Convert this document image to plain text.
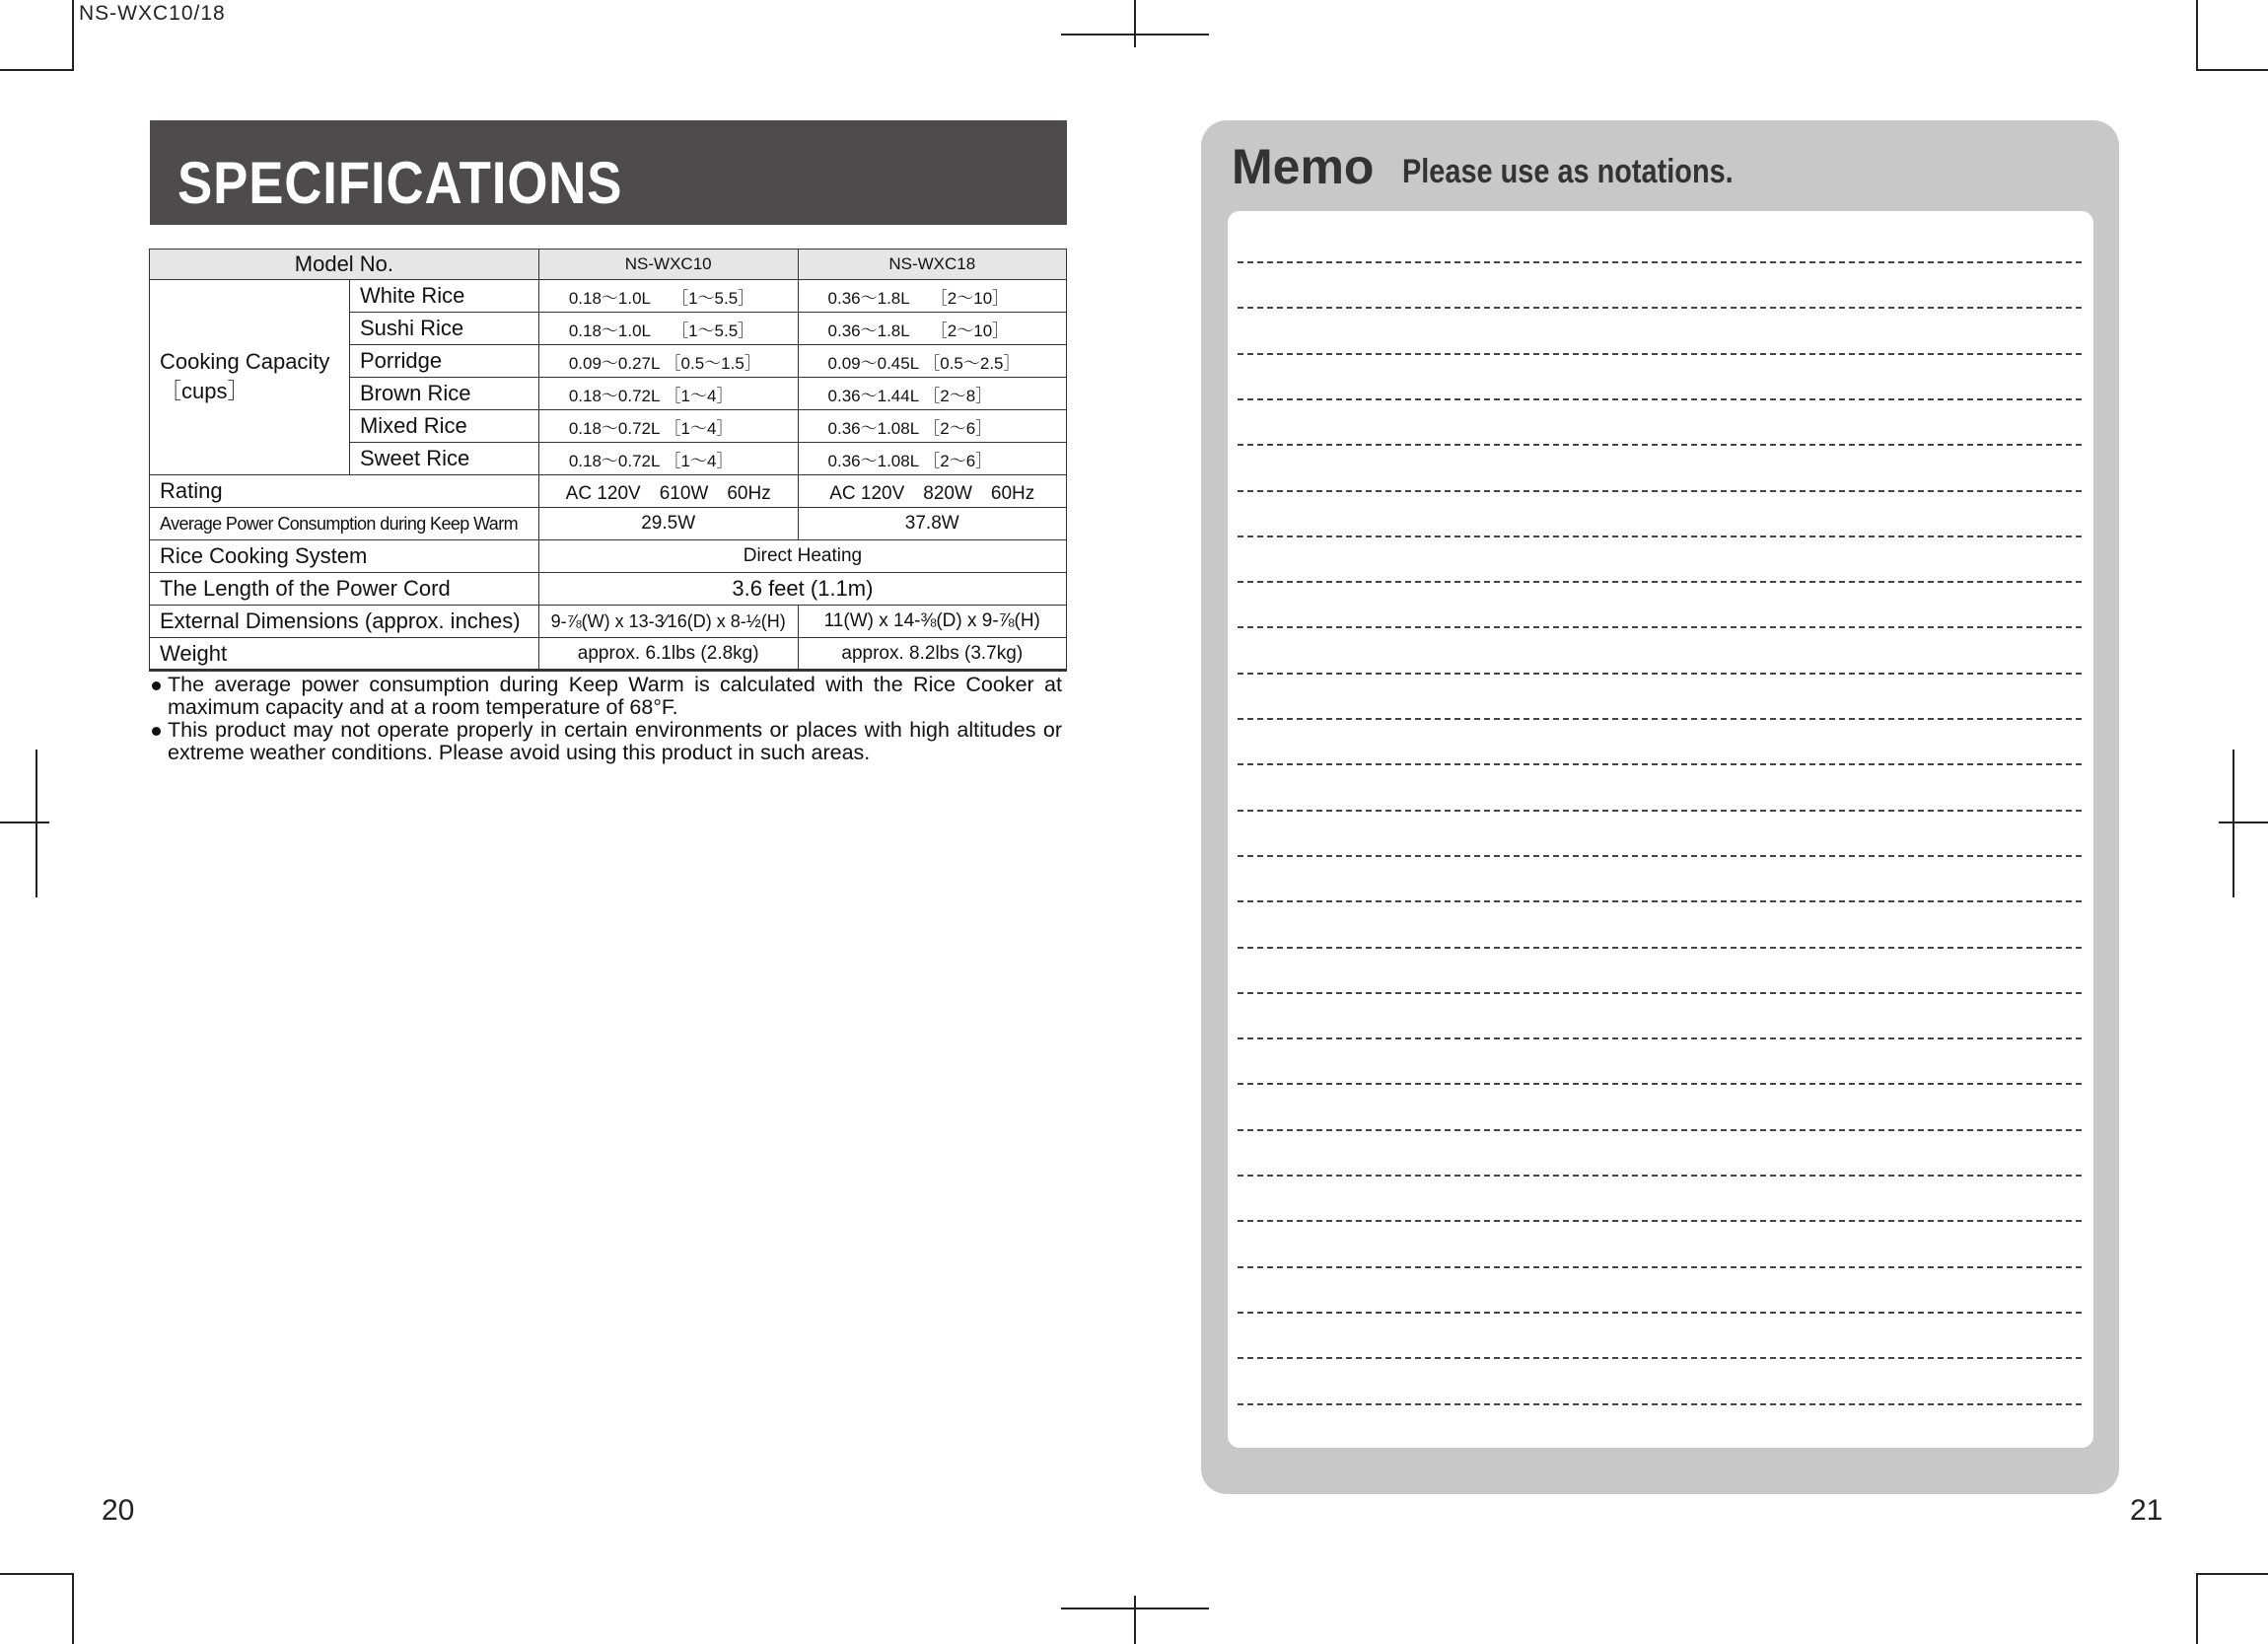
NS-WXC10/18
SPECIFICATIONS
Model No.		NS-WXC10	NS-WXC18

Cooking Capacity
［cups］	White Rice	0.18～1.0L　 ［1～5.5］	0.36～1.8L　 ［2～10］
	Sushi Rice	0.18～1.0L　 ［1～5.5］	0.36～1.8L　 ［2～10］
	Porridge	0.09～0.27L ［0.5～1.5］	0.09～0.45L ［0.5～2.5］
	Brown Rice	0.18～0.72L ［1～4］	0.36～1.44L ［2～8］
	Mixed Rice	0.18～0.72L ［1～4］	0.36～1.08L ［2～6］
	Sweet Rice	0.18～0.72L ［1～4］	0.36～1.08L ［2～6］
Rating		AC 120V　610W　60Hz	AC 120V　820W　60Hz
Average Power Consumption during Keep Warm		29.5W	37.8W
Rice Cooking System		Direct Heating	
The Length of the Power Cord		3.6 feet (1.1m)	
External Dimensions (approx. inches)		9-⅞(W) x 13-3⁄16(D) x 8-½(H)	11(W) x 14-⅜(D) x 9-⅞(H)
Weight		approx. 6.1lbs (2.8kg)	approx. 8.2lbs (3.7kg)

The average power consumption during Keep Warm is calculated with the Rice Cooker at maximum capacity and at a room temperature of 68°F.

This product may not operate properly in certain environments or places with high altitudes or extreme weather conditions. Please avoid using this product in such areas.

Memo Please use as notations.
20	21
